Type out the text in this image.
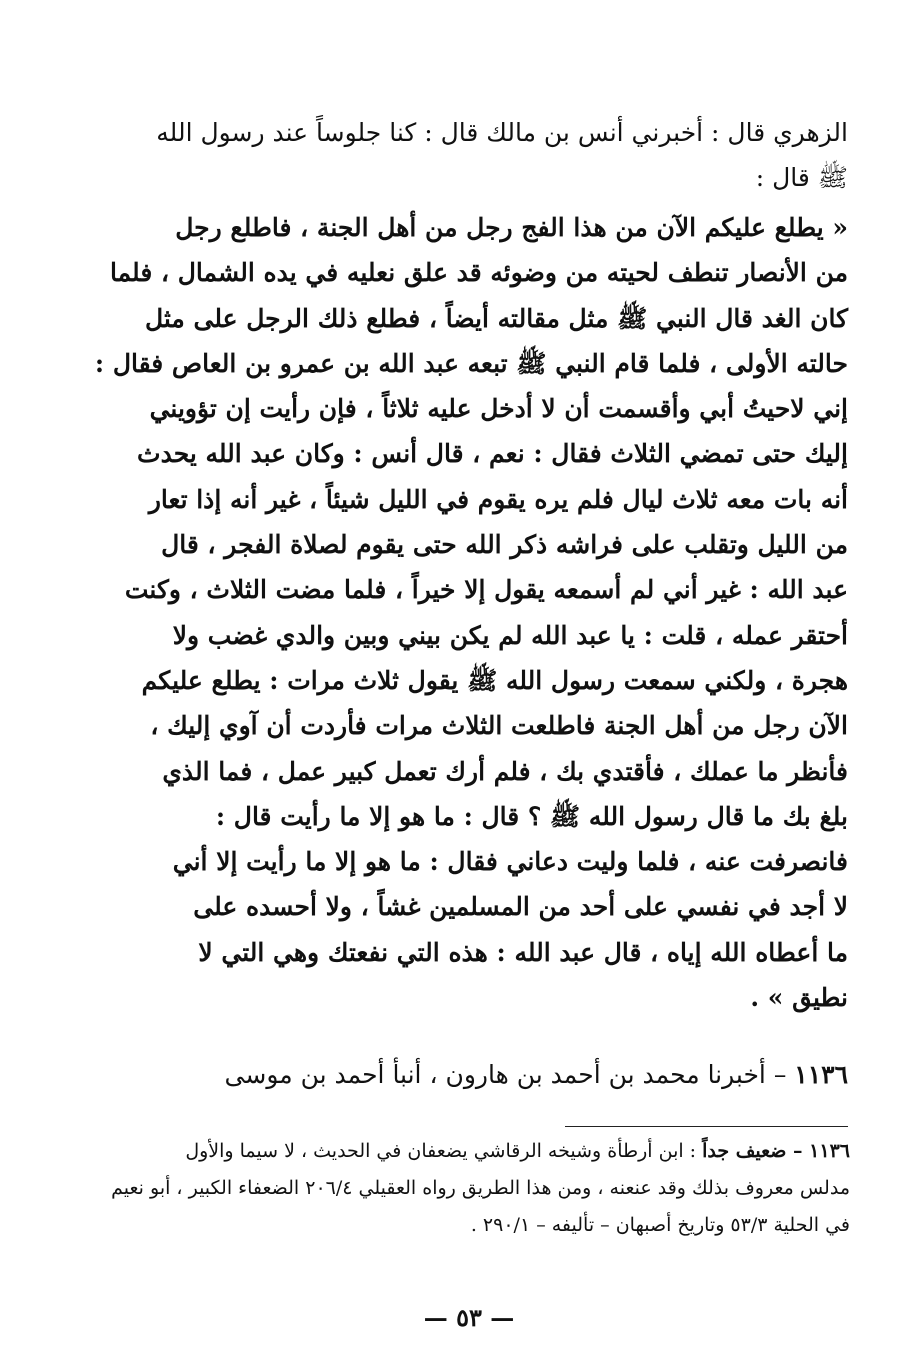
الزهري قال : أخبرني أنس بن مالك قال : كنا جلوساً عند رسول الله
ﷺ قال :
« يطلع عليكم الآن من هذا الفج رجل من أهل الجنة ، فاطلع رجل
من الأنصار تنطف لحيته من وضوئه قد علق نعليه في يده الشمال ، فلما
كان الغد قال النبي ﷺ مثل مقالته أيضاً ، فطلع ذلك الرجل على مثل
حالته الأولى ، فلما قام النبي ﷺ تبعه عبد الله بن عمرو بن العاص فقال :
إني لاحيتُ أبي وأقسمت أن لا أدخل عليه ثلاثاً ، فإن رأيت إن تؤويني
إليك حتى تمضي الثلاث فقال : نعم ، قال أنس : وكان عبد الله يحدث
أنه بات معه ثلاث ليال فلم يره يقوم في الليل شيئاً ، غير أنه إذا تعار
من الليل وتقلب على فراشه ذكر الله حتى يقوم لصلاة الفجر ، قال
عبد الله : غير أني لم أسمعه يقول إلا خيراً ، فلما مضت الثلاث ، وكنت
أحتقر عمله ، قلت : يا عبد الله لم يكن بيني وبين والدي غضب ولا
هجرة ، ولكني سمعت رسول الله ﷺ يقول ثلاث مرات : يطلع عليكم
الآن رجل من أهل الجنة فاطلعت الثلاث مرات فأردت أن آوي إليك ،
فأنظر ما عملك ، فأقتدي بك ، فلم أرك تعمل كبير عمل ، فما الذي
بلغ بك ما قال رسول الله ﷺ ؟ قال : ما هو إلا ما رأيت قال :
فانصرفت عنه ، فلما وليت دعاني فقال : ما هو إلا ما رأيت إلا أني
لا أجد في نفسي على أحد من المسلمين غشاً ، ولا أحسده على
ما أعطاه الله إياه ، قال عبد الله : هذه التي نفعتك وهي التي لا
نطيق » .
١١٣٦ – أخبرنا محمد بن أحمد بن هارون ، أنبأ أحمد بن موسى
١١٣٦ – ضعيف جداً : ابن أرطأة وشيخه الرقاشي يضعفان في الحديث ، لا سيما والأول
مدلس معروف بذلك وقد عنعنه ، ومن هذا الطريق رواه العقيلي ٢٠٦/٤ الضعفاء الكبير ، أبو نعيم
في الحلية ٥٣/٣ وتاريخ أصبهان – تأليفه – ٢٩٠/١ .
— ٥٣ —
